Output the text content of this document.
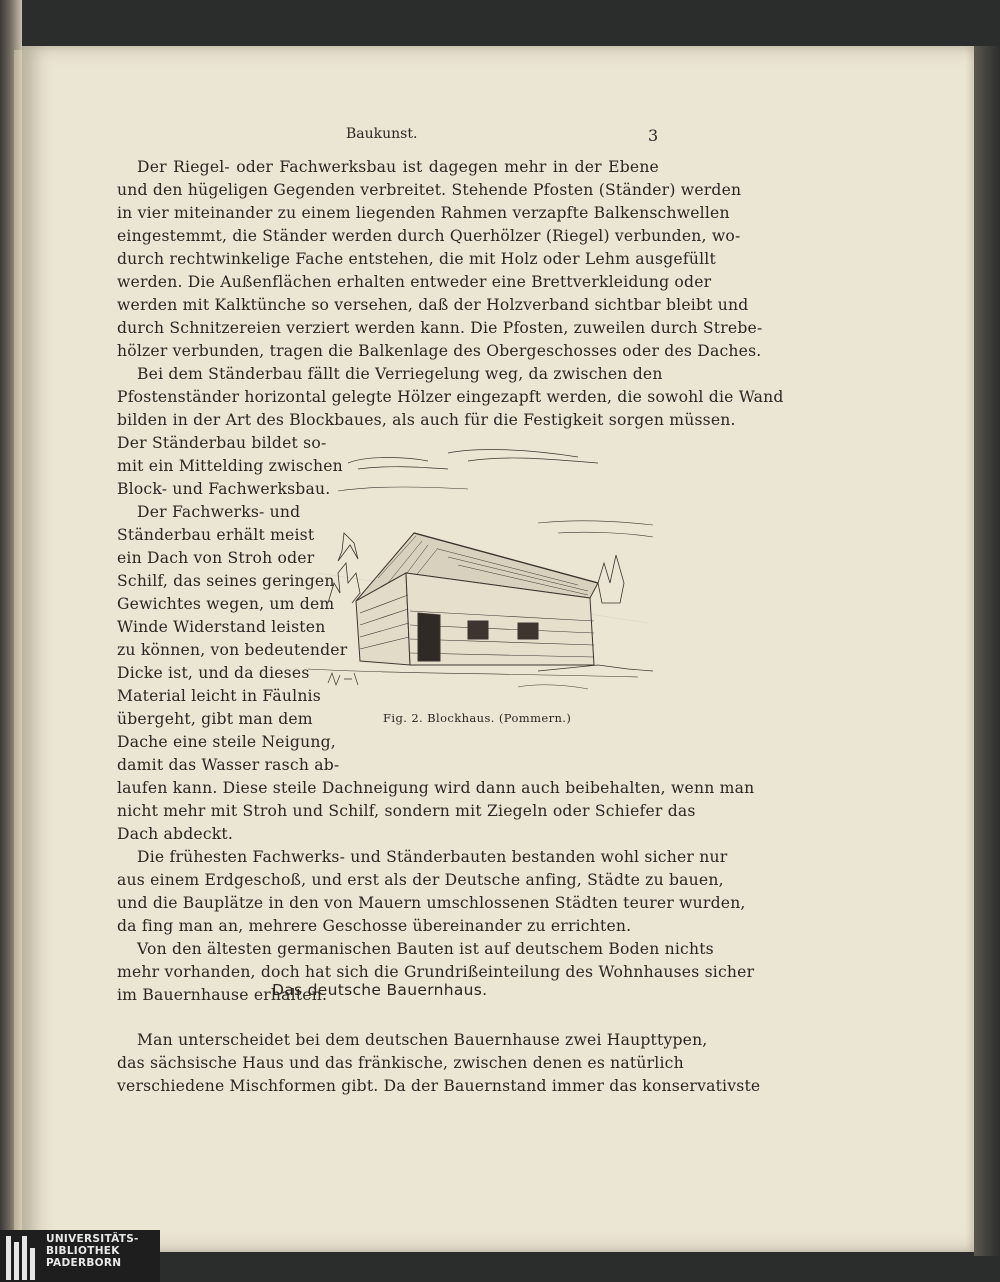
Baukunst.	3
Der Riegel- oder Fachwerksbau ist dagegen mehr in der Ebene
und den hügeligen Gegenden verbreitet. Stehende Pfosten (Ständer) werden
in vier miteinander zu einem liegenden Rahmen verzapfte Balkenschwellen
eingestemmt, die Ständer werden durch Querhölzer (Riegel) verbunden, wo-
durch rechtwinkelige Fache entstehen, die mit Holz oder Lehm ausgefüllt
werden. Die Außenflächen erhalten entweder eine Brettverkleidung oder
werden mit Kalktünche so versehen, daß der Holzverband sichtbar bleibt und
durch Schnitzereien verziert werden kann. Die Pfosten, zuweilen durch Strebe-
hölzer verbunden, tragen die Balkenlage des Obergeschosses oder des Daches.
Bei dem Ständerbau fällt die Verriegelung weg, da zwischen den
Pfostenständer horizontal gelegte Hölzer eingezapft werden, die sowohl die Wand
bilden in der Art des Blockbaues, als auch für die Festigkeit sorgen müssen.
Der Ständerbau bildet so-
mit ein Mittelding zwischen
Block- und Fachwerksbau.
Der Fachwerks- und
Ständerbau erhält meist
ein Dach von Stroh oder
Schilf, das seines geringen
Gewichtes wegen, um dem
Winde Widerstand leisten
zu können, von bedeutender
Dicke ist, und da dieses
Material leicht in Fäulnis
übergeht, gibt man dem
Dache eine steile Neigung,
damit das Wasser rasch ab-
laufen kann. Diese steile Dachneigung wird dann auch beibehalten, wenn man
nicht mehr mit Stroh und Schilf, sondern mit Ziegeln oder Schiefer das
Dach abdeckt.
Die frühesten Fachwerks- und Ständerbauten bestanden wohl sicher nur
aus einem Erdgeschoß, und erst als der Deutsche anfing, Städte zu bauen,
und die Bauplätze in den von Mauern umschlossenen Städten teurer wurden,
da fing man an, mehrere Geschosse übereinander zu errichten.
Von den ältesten germanischen Bauten ist auf deutschem Boden nichts
mehr vorhanden, doch hat sich die Grundrißeinteilung des Wohnhauses sicher
im Bauernhause erhalten.
Das deutsche Bauernhaus.
Man unterscheidet bei dem deutschen Bauernhause zwei Haupttypen,
das sächsische Haus und das fränkische, zwischen denen es natürlich
verschiedene Mischformen gibt. Da der Bauernstand immer das konservativste
Fig. 2. Blockhaus. (Pommern.)
UNIVERSITÄTS-
BIBLIOTHEK
PADERBORN
